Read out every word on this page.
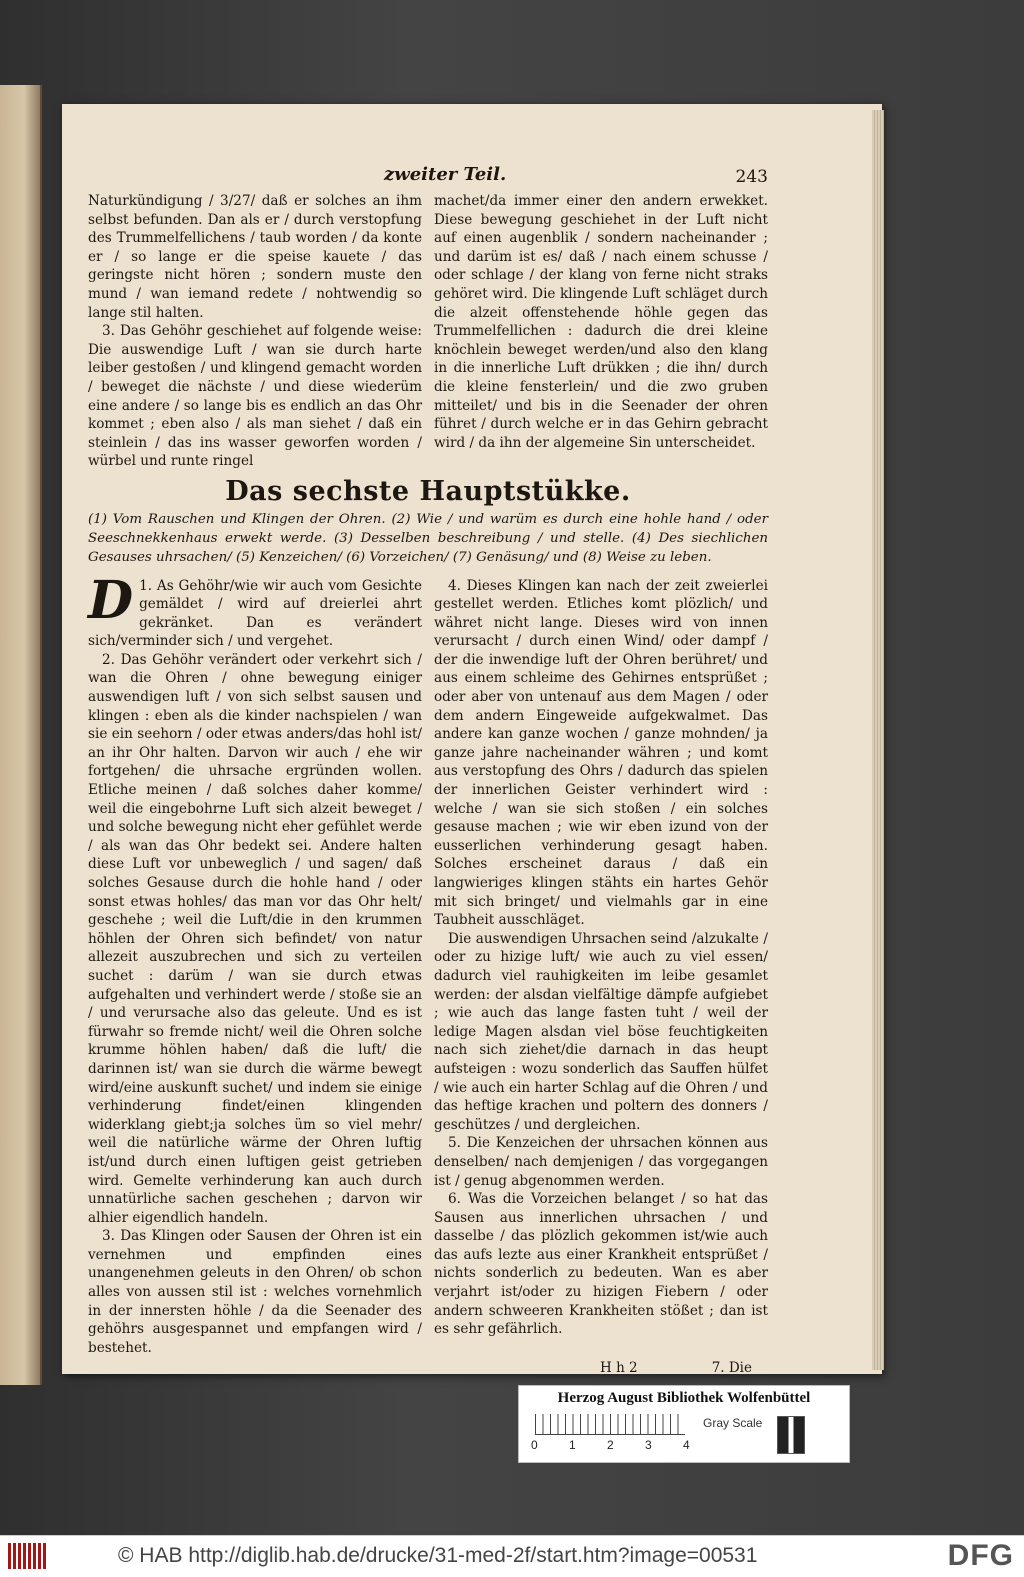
zweiter Teil.	243

Naturkündigung / 3/27/ daß er solches an ihm selbst befunden. Dan als er / durch verstopfung des Trummelfellichens / taub worden / da konte er / so lange er die speise kauete / das geringste nicht hören ; sondern muste den mund / wan iemand redete / nohtwendig so lange stil halten.

3. Das Gehöhr geschiehet auf folgende weise: Die auswendige Luft / wan sie durch harte leiber gestoßen / und klingend gemacht worden / beweget die nächste / und diese wiederüm eine andere / so lange bis es endlich an das Ohr kommet ; eben also / als man siehet / daß ein steinlein / das ins wasser geworfen worden / würbel und runte ringel

machet/da immer einer den andern erwekket. Diese bewegung geschiehet in der Luft nicht auf einen augenblik / sondern nacheinander ; und darüm ist es/ daß / nach einem schusse / oder schlage / der klang von ferne nicht straks gehöret wird. Die klingende Luft schläget durch die alzeit offenstehende höhle gegen das Trummelfellichen : dadurch die drei kleine knöchlein beweget werden/und also den klang in die innerliche Luft drükken ; die ihn/ durch die kleine fensterlein/ und die zwo gruben mitteilet/ und bis in die Seenader der ohren führet / durch welche er in das Gehirn gebracht wird / da ihn der algemeine Sin unterscheidet.

Das sechste Hauptstükke.
(1) Vom Rauschen und Klingen der Ohren. (2) Wie / und warüm es durch eine hohle hand / oder Seeschnekkenhaus erwekt werde. (3) Desselben beschreibung / und stelle. (4) Des siechlichen Gesauses uhrsachen/ (5) Kenzeichen/ (6) Vorzeichen/ (7) Genäsung/ und (8) Weise zu leben.

1.
D As Gehöhr/wie wir auch vom Gesichte gemäldet / wird auf dreierlei ahrt gekränket. Dan es verändert sich/verminder sich / und vergehet.

2. Das Gehöhr verändert oder verkehrt sich / wan die Ohren / ohne bewegung einiger auswendigen luft / von sich selbst sausen und klingen : eben als die kinder nachspielen / wan sie ein seehorn / oder etwas anders/das hohl ist/ an ihr Ohr halten. Darvon wir auch / ehe wir fortgehen/ die uhrsache ergründen wollen. Etliche meinen / daß solches daher komme/ weil die eingebohrne Luft sich alzeit beweget / und solche bewegung nicht eher gefühlet werde / als wan das Ohr bedekt sei. Andere halten diese Luft vor unbeweglich / und sagen/ daß solches Gesause durch die hohle hand / oder sonst etwas hohles/ das man vor das Ohr helt/ geschehe ; weil die Luft/die in den krummen höhlen der Ohren sich befindet/ von natur allezeit auszubrechen und sich zu verteilen suchet : darüm / wan sie durch etwas aufgehalten und verhindert werde / stoße sie an / und verursache also das geleute. Und es ist fürwahr so fremde nicht/ weil die Ohren solche krumme höhlen haben/ daß die luft/ die darinnen ist/ wan sie durch die wärme bewegt wird/eine auskunft suchet/ und indem sie einige verhinderung findet/einen klingenden widerklang giebt;ja solches üm so viel mehr/ weil die natürliche wärme der Ohren luftig ist/und durch einen luftigen geist getrieben wird. Gemelte verhinderung kan auch durch unnatürliche sachen geschehen ; darvon wir alhier eigendlich handeln.

3. Das Klingen oder Sausen der Ohren ist ein vernehmen und empfinden eines unangenehmen geleuts in den Ohren/ ob schon alles von aussen stil ist : welches vornehmlich in der innersten höhle / da die Seenader des gehöhrs ausgespannet und empfangen wird / bestehet.

4. Dieses Klingen kan nach der zeit zweierlei gestellet werden. Etliches komt plözlich/ und währet nicht lange. Dieses wird von innen verursacht / durch einen Wind/ oder dampf / der die inwendige luft der Ohren berühret/ und aus einem schleime des Gehirnes entsprüßet ; oder aber von untenauf aus dem Magen / oder dem andern Eingeweide aufgekwalmet. Das andere kan ganze wochen / ganze mohnden/ ja ganze jahre nacheinander währen ; und komt aus verstopfung des Ohrs / dadurch das spielen der innerlichen Geister verhindert wird : welche / wan sie sich stoßen / ein solches gesause machen ; wie wir eben izund von der eusserlichen verhinderung gesagt haben. Solches erscheinet daraus / daß ein langwieriges klingen stähts ein hartes Gehör mit sich bringet/ und vielmahls gar in eine Taubheit ausschläget.

Die auswendigen Uhrsachen seind /alzukalte / oder zu hizige luft/ wie auch zu viel essen/ dadurch viel rauhigkeiten im leibe gesamlet werden: der alsdan vielfältige dämpfe aufgiebet ; wie auch das lange fasten tuht / weil der ledige Magen alsdan viel böse feuchtigkeiten nach sich ziehet/die darnach in das heupt aufsteigen : wozu sonderlich das Sauffen hülfet / wie auch ein harter Schlag auf die Ohren / und das heftige krachen und poltern des donners / geschützes / und dergleichen.

5. Die Kenzeichen der uhrsachen können aus denselben/ nach demjenigen / das vorgegangen ist / genug abgenommen werden.

6. Was die Vorzeichen belanget / so hat das Sausen aus innerlichen uhrsachen / und dasselbe / das plözlich gekommen ist/wie auch das aufs lezte aus einer Krankheit entsprüßet / nichts sonderlich zu bedeuten. Wan es aber verjahrt ist/oder zu hizigen Fiebern / oder andern schweeren Krankheiten stößet ; dan ist es sehr gefährlich.

H h 2	7. Die
Herzog August Bibliothek Wolfenbüttel
0	1	2	3	4
Gray Scale
© HAB http://diglib.hab.de/drucke/31-med-2f/start.htm?image=00531	DFG
